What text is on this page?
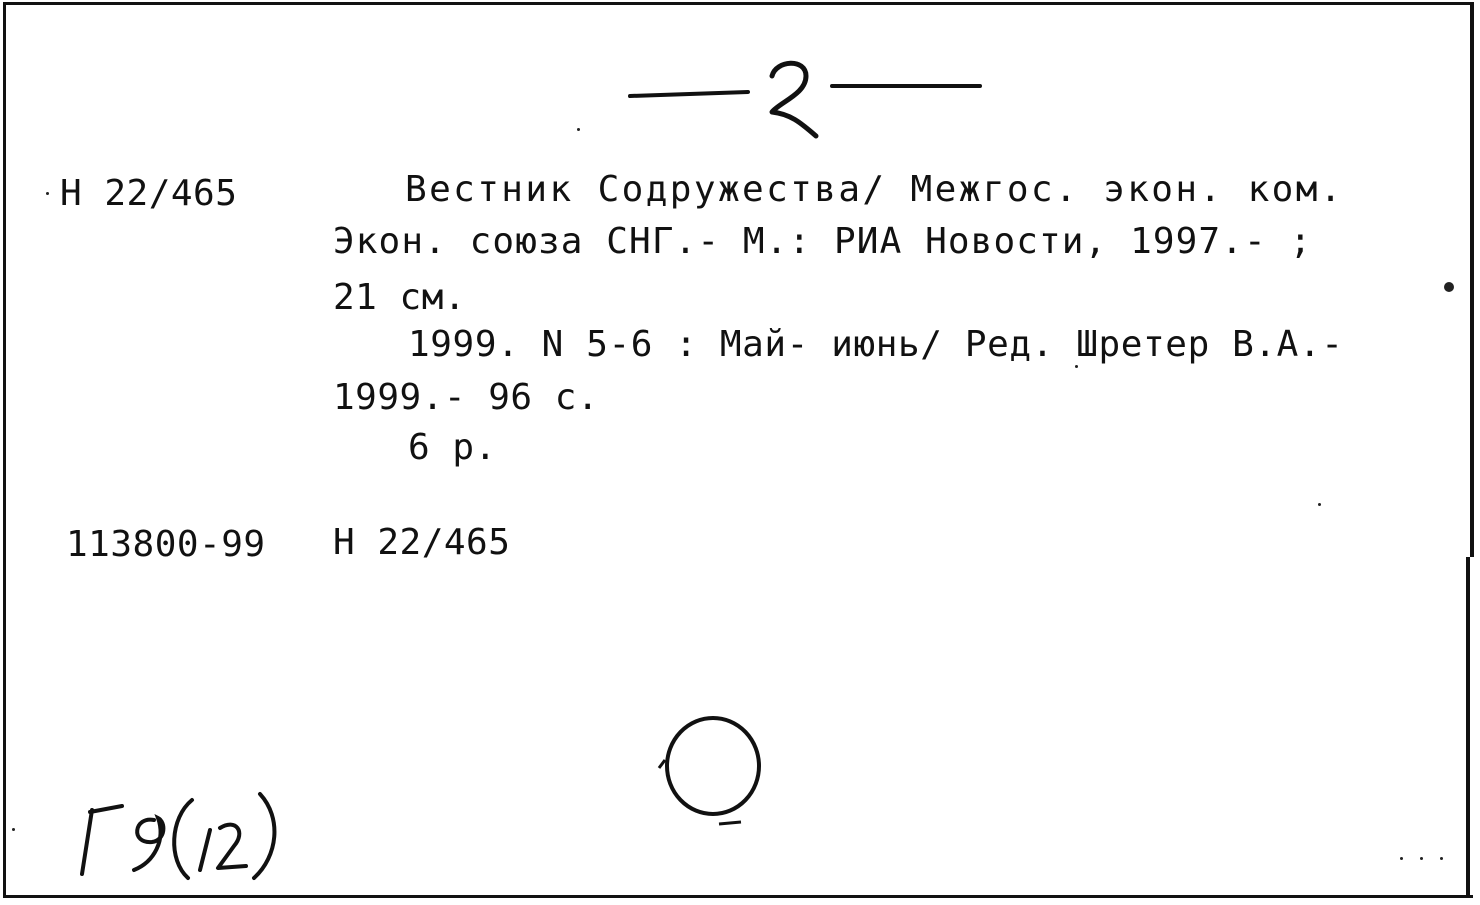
Н 22/465	Вестник Содружества/ Межгос. экон. ком.
Экон. союза СНГ.- М.: РИА Новости, 1997.- ;
21 см.
1999. N 5-6 : Май- июнь/ Ред. Шретер В.А.-
1999.- 96 с.
6 р.
113800-99 Н 22/465
